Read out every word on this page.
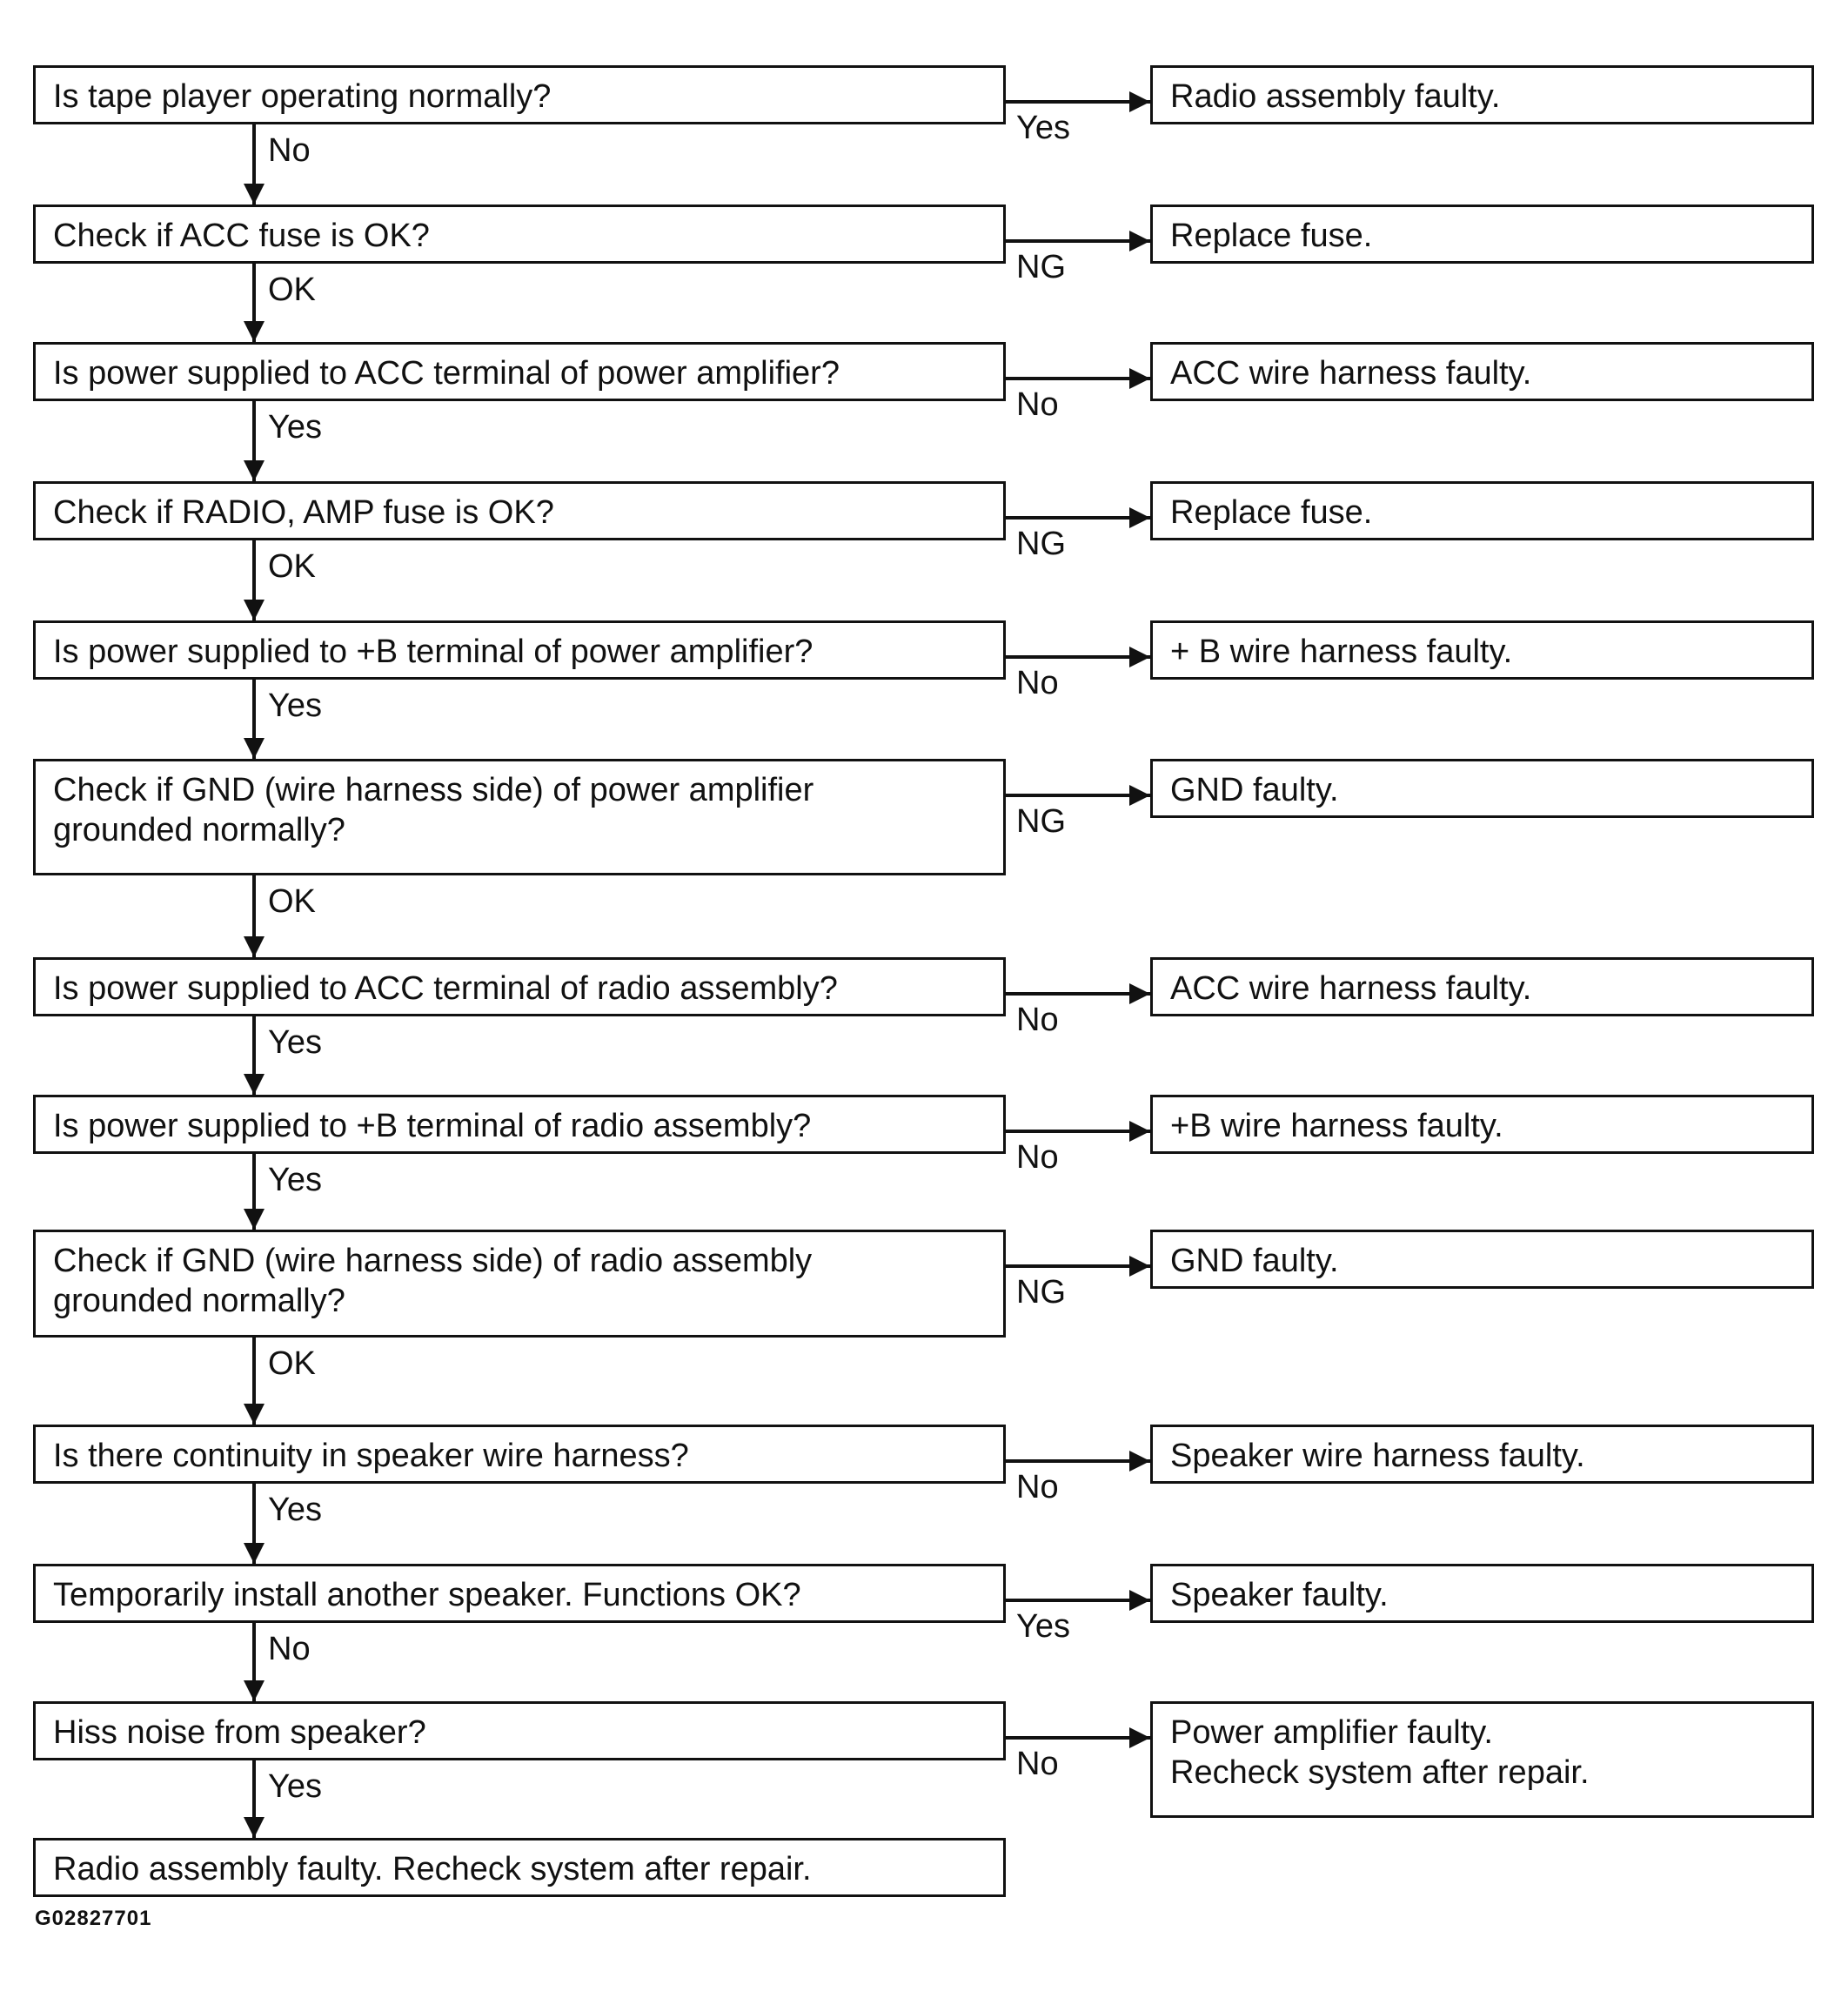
Is tape player operating normally?	Radio assembly faulty.
Yes
No
Check if ACC fuse is OK?	Replace fuse.
NG
OK
Is power supplied to ACC terminal of power amplifier?	ACC wire harness faulty.
No
Yes
Check if RADIO, AMP fuse is OK?	Replace fuse.
NG
OK
Is power supplied to +B terminal of power amplifier?	+ B wire harness faulty.
No
Yes
Check if GND (wire harness side) of power amplifier
grounded normally?
GND faulty.
NG
OK
Is power supplied to ACC terminal of radio assembly?	ACC wire harness faulty.
No
Yes
Is power supplied to +B terminal of radio assembly?	+B wire harness faulty.
No
Yes
Check if GND (wire harness side) of radio assembly
grounded normally?
GND faulty.
NG
OK
Is there continuity in speaker wire harness?	Speaker wire harness faulty.
No
Yes
Temporarily install another speaker. Functions OK?	Speaker faulty.
Yes
No
Hiss noise from speaker?	Power amplifier faulty.
Recheck system after repair.
No
Yes
Radio assembly faulty. Recheck system after repair.
G02827701
